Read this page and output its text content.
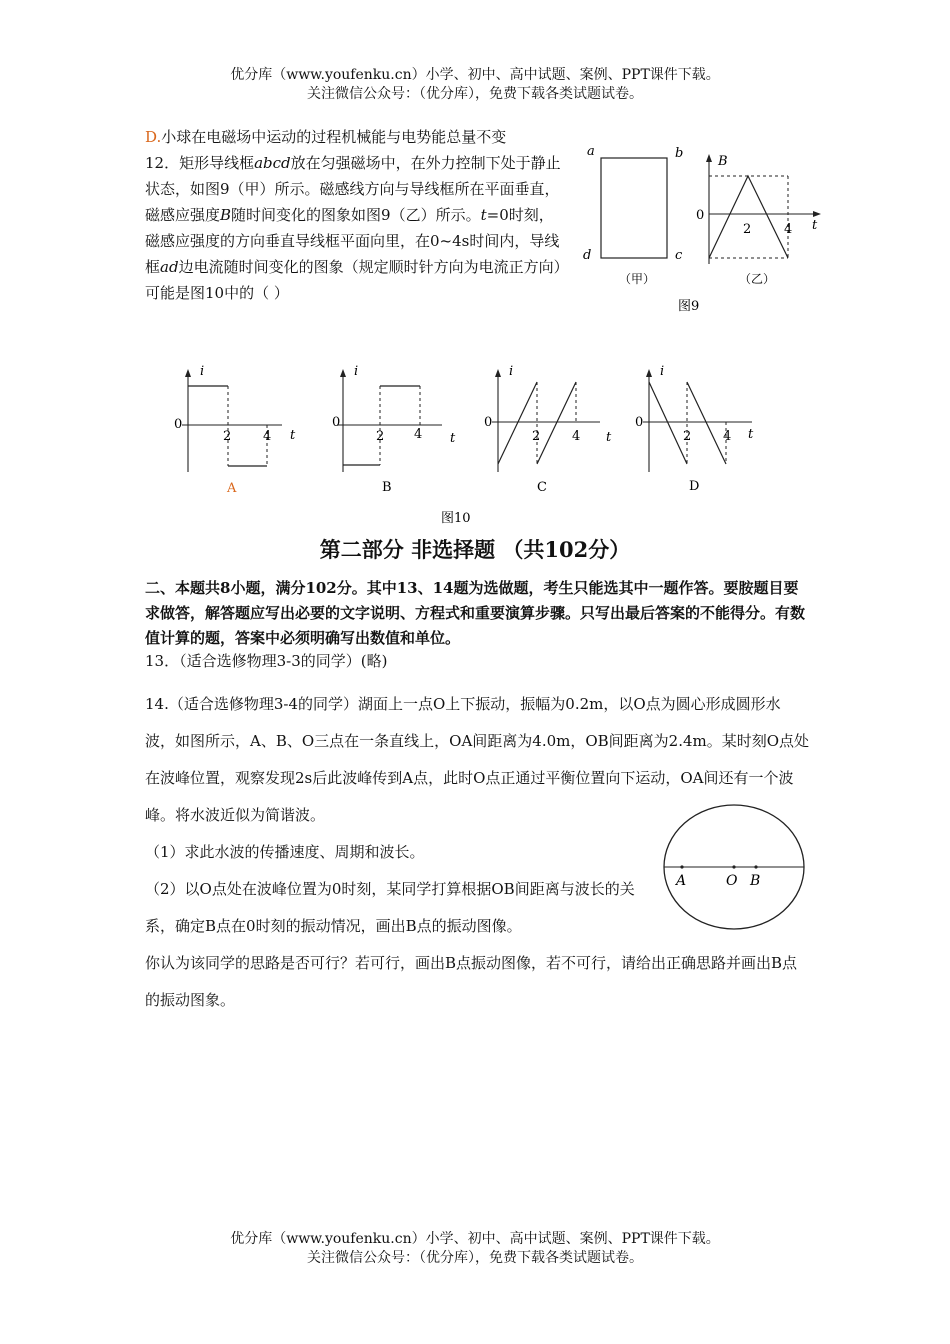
优分库（www.youfenku.cn）小学、初中、高中试题、案例、PPT课件下载。
关注微信公众号：（优分库），免费下载各类试题试卷。

D.小球在电磁场中运动的过程机械能与电势能总量不变

12．矩形导线框abcd放在匀强磁场中，在外力控制下处于静止状态，如图9（甲）所示。磁感线方向与导线框所在平面垂直，磁感应强度B随时间变化的图象如图9（乙）所示。t=0时刻，磁感应强度的方向垂直导线框平面向里，在0~4s时间内，导线框ad边电流随时间变化的图象（规定顺时针方向为电流正方向）可能是图10中的（ ）

a	b
c
d
（甲）
B
t
0
2	4
（乙）
图9
i
t
0
2 4
A
i
t
0
2 4
B
i
t
0
2 4
C
i
t
0
2 4
D
图10
第二部分 非选择题 （共102分）
二、本题共8小题，满分102分。其中13、14题为选做题，考生只能选其中一题作答。要胺题目要求做答，解答题应写出必要的文字说明、方程式和重要演算步骤。只写出最后答案的不能得分。有数值计算的题，答案中必须明确写出数值和单位。
13．（适合选修物理3-3的同学）(略)

14.（适合选修物理3-4的同学）湖面上一点O上下振动，振幅为0.2m，以O点为圆心形成圆形水波，如图所示，A、B、O三点在一条直线上，OA间距离为4.0m，OB间距离为2.4m。某时刻O点处在波峰位置，观察发现2s后此波峰传到A点，此时O点正通过平衡位置向下运动，OA间还有一个波峰。将水波近似为简谐波。

（1）求此水波的传播速度、周期和波长。

（2）以O点处在波峰位置为0时刻，某同学打算根据OB间距离与波长的关系，确定B点在0时刻的振动情况，画出B点的振动图像。

你认为该同学的思路是否可行？若可行，画出B点振动图像，若不可行，请给出正确思路并画出B点的振动图象。

A	O B
优分库（www.youfenku.cn）小学、初中、高中试题、案例、PPT课件下载。
关注微信公众号：（优分库），免费下载各类试题试卷。
